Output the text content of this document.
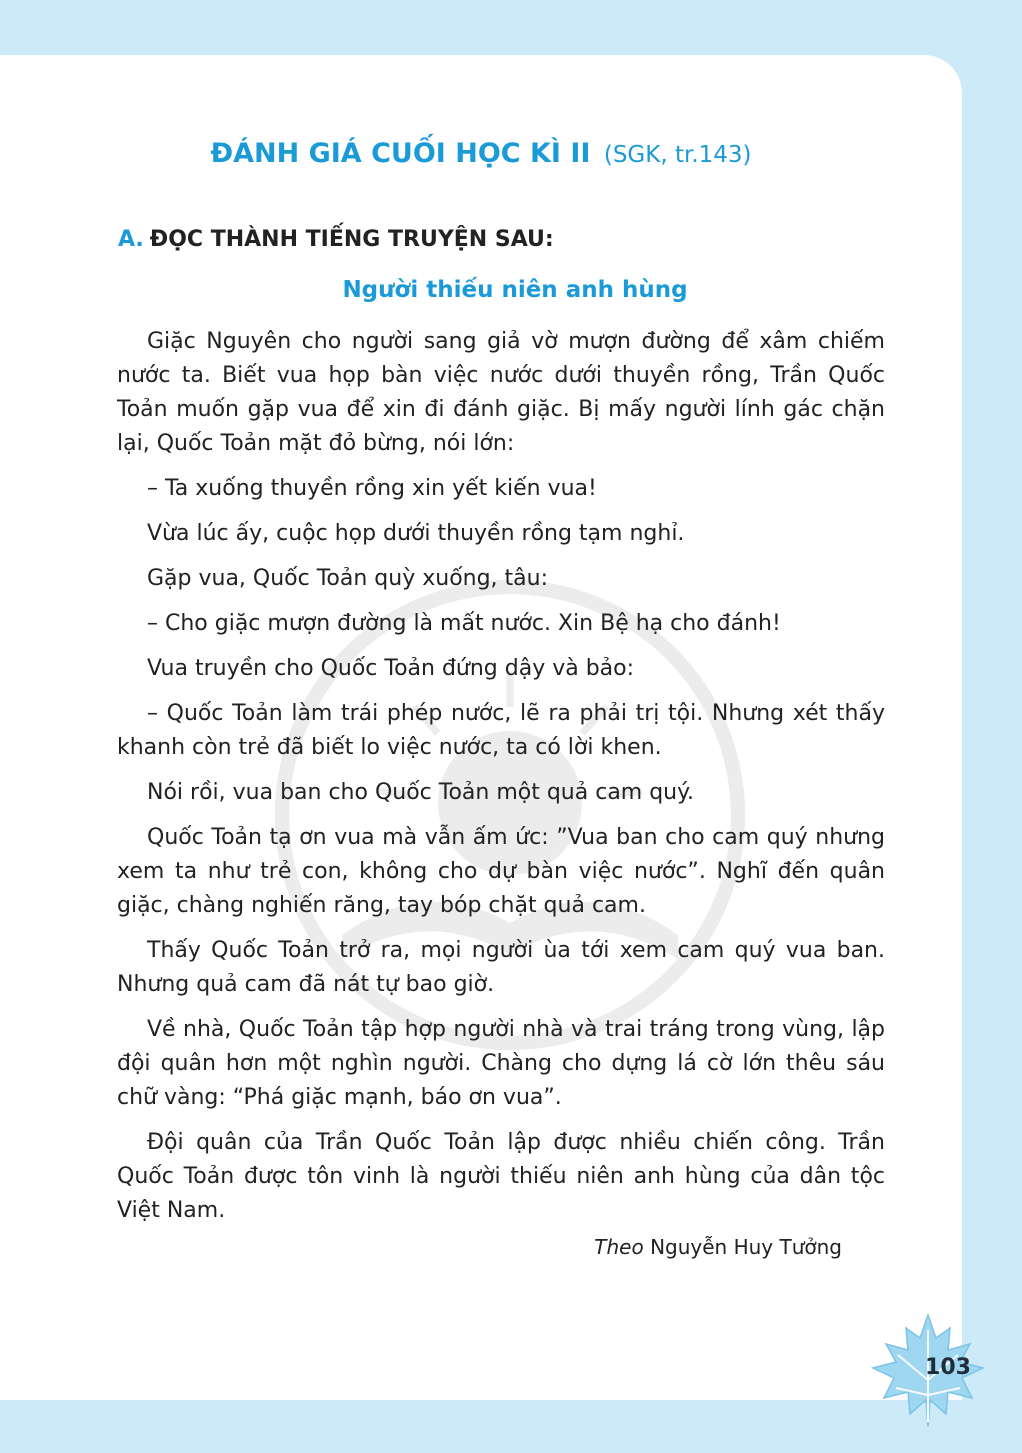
ĐÁNH GIÁ CUỐI HỌC KÌ II (SGK, tr.143)
A. ĐỌC THÀNH TIẾNG TRUYỆN SAU:
Người thiếu niên anh hùng

Giặc Nguyên cho người sang giả vờ mượn đường để xâm chiếm nước ta. Biết vua họp bàn việc nước dưới thuyền rồng, Trần Quốc Toản muốn gặp vua để xin đi đánh giặc. Bị mấy người lính gác chặn lại, Quốc Toản mặt đỏ bừng, nói lớn:

– Ta xuống thuyền rồng xin yết kiến vua!

Vừa lúc ấy, cuộc họp dưới thuyền rồng tạm nghỉ.

Gặp vua, Quốc Toản quỳ xuống, tâu:

– Cho giặc mượn đường là mất nước. Xin Bệ hạ cho đánh!

Vua truyền cho Quốc Toản đứng dậy và bảo:

– Quốc Toản làm trái phép nước, lẽ ra phải trị tội. Nhưng xét thấy khanh còn trẻ đã biết lo việc nước, ta có lời khen.

Nói rồi, vua ban cho Quốc Toản một quả cam quý.

Quốc Toản tạ ơn vua mà vẫn ấm ức: ”Vua ban cho cam quý nhưng xem ta như trẻ con, không cho dự bàn việc nước”. Nghĩ đến quân giặc, chàng nghiến răng, tay bóp chặt quả cam.

Thấy Quốc Toản trở ra, mọi người ùa tới xem cam quý vua ban. Nhưng quả cam đã nát tự bao giờ.

Về nhà, Quốc Toản tập hợp người nhà và trai tráng trong vùng, lập đội quân hơn một nghìn người. Chàng cho dựng lá cờ lớn thêu sáu chữ vàng: “Phá giặc mạnh, báo ơn vua”.

Đội quân của Trần Quốc Toản lập được nhiều chiến công. Trần Quốc Toản được tôn vinh là người thiếu niên anh hùng của dân tộc Việt Nam.

Theo Nguyễn Huy Tưởng
103
